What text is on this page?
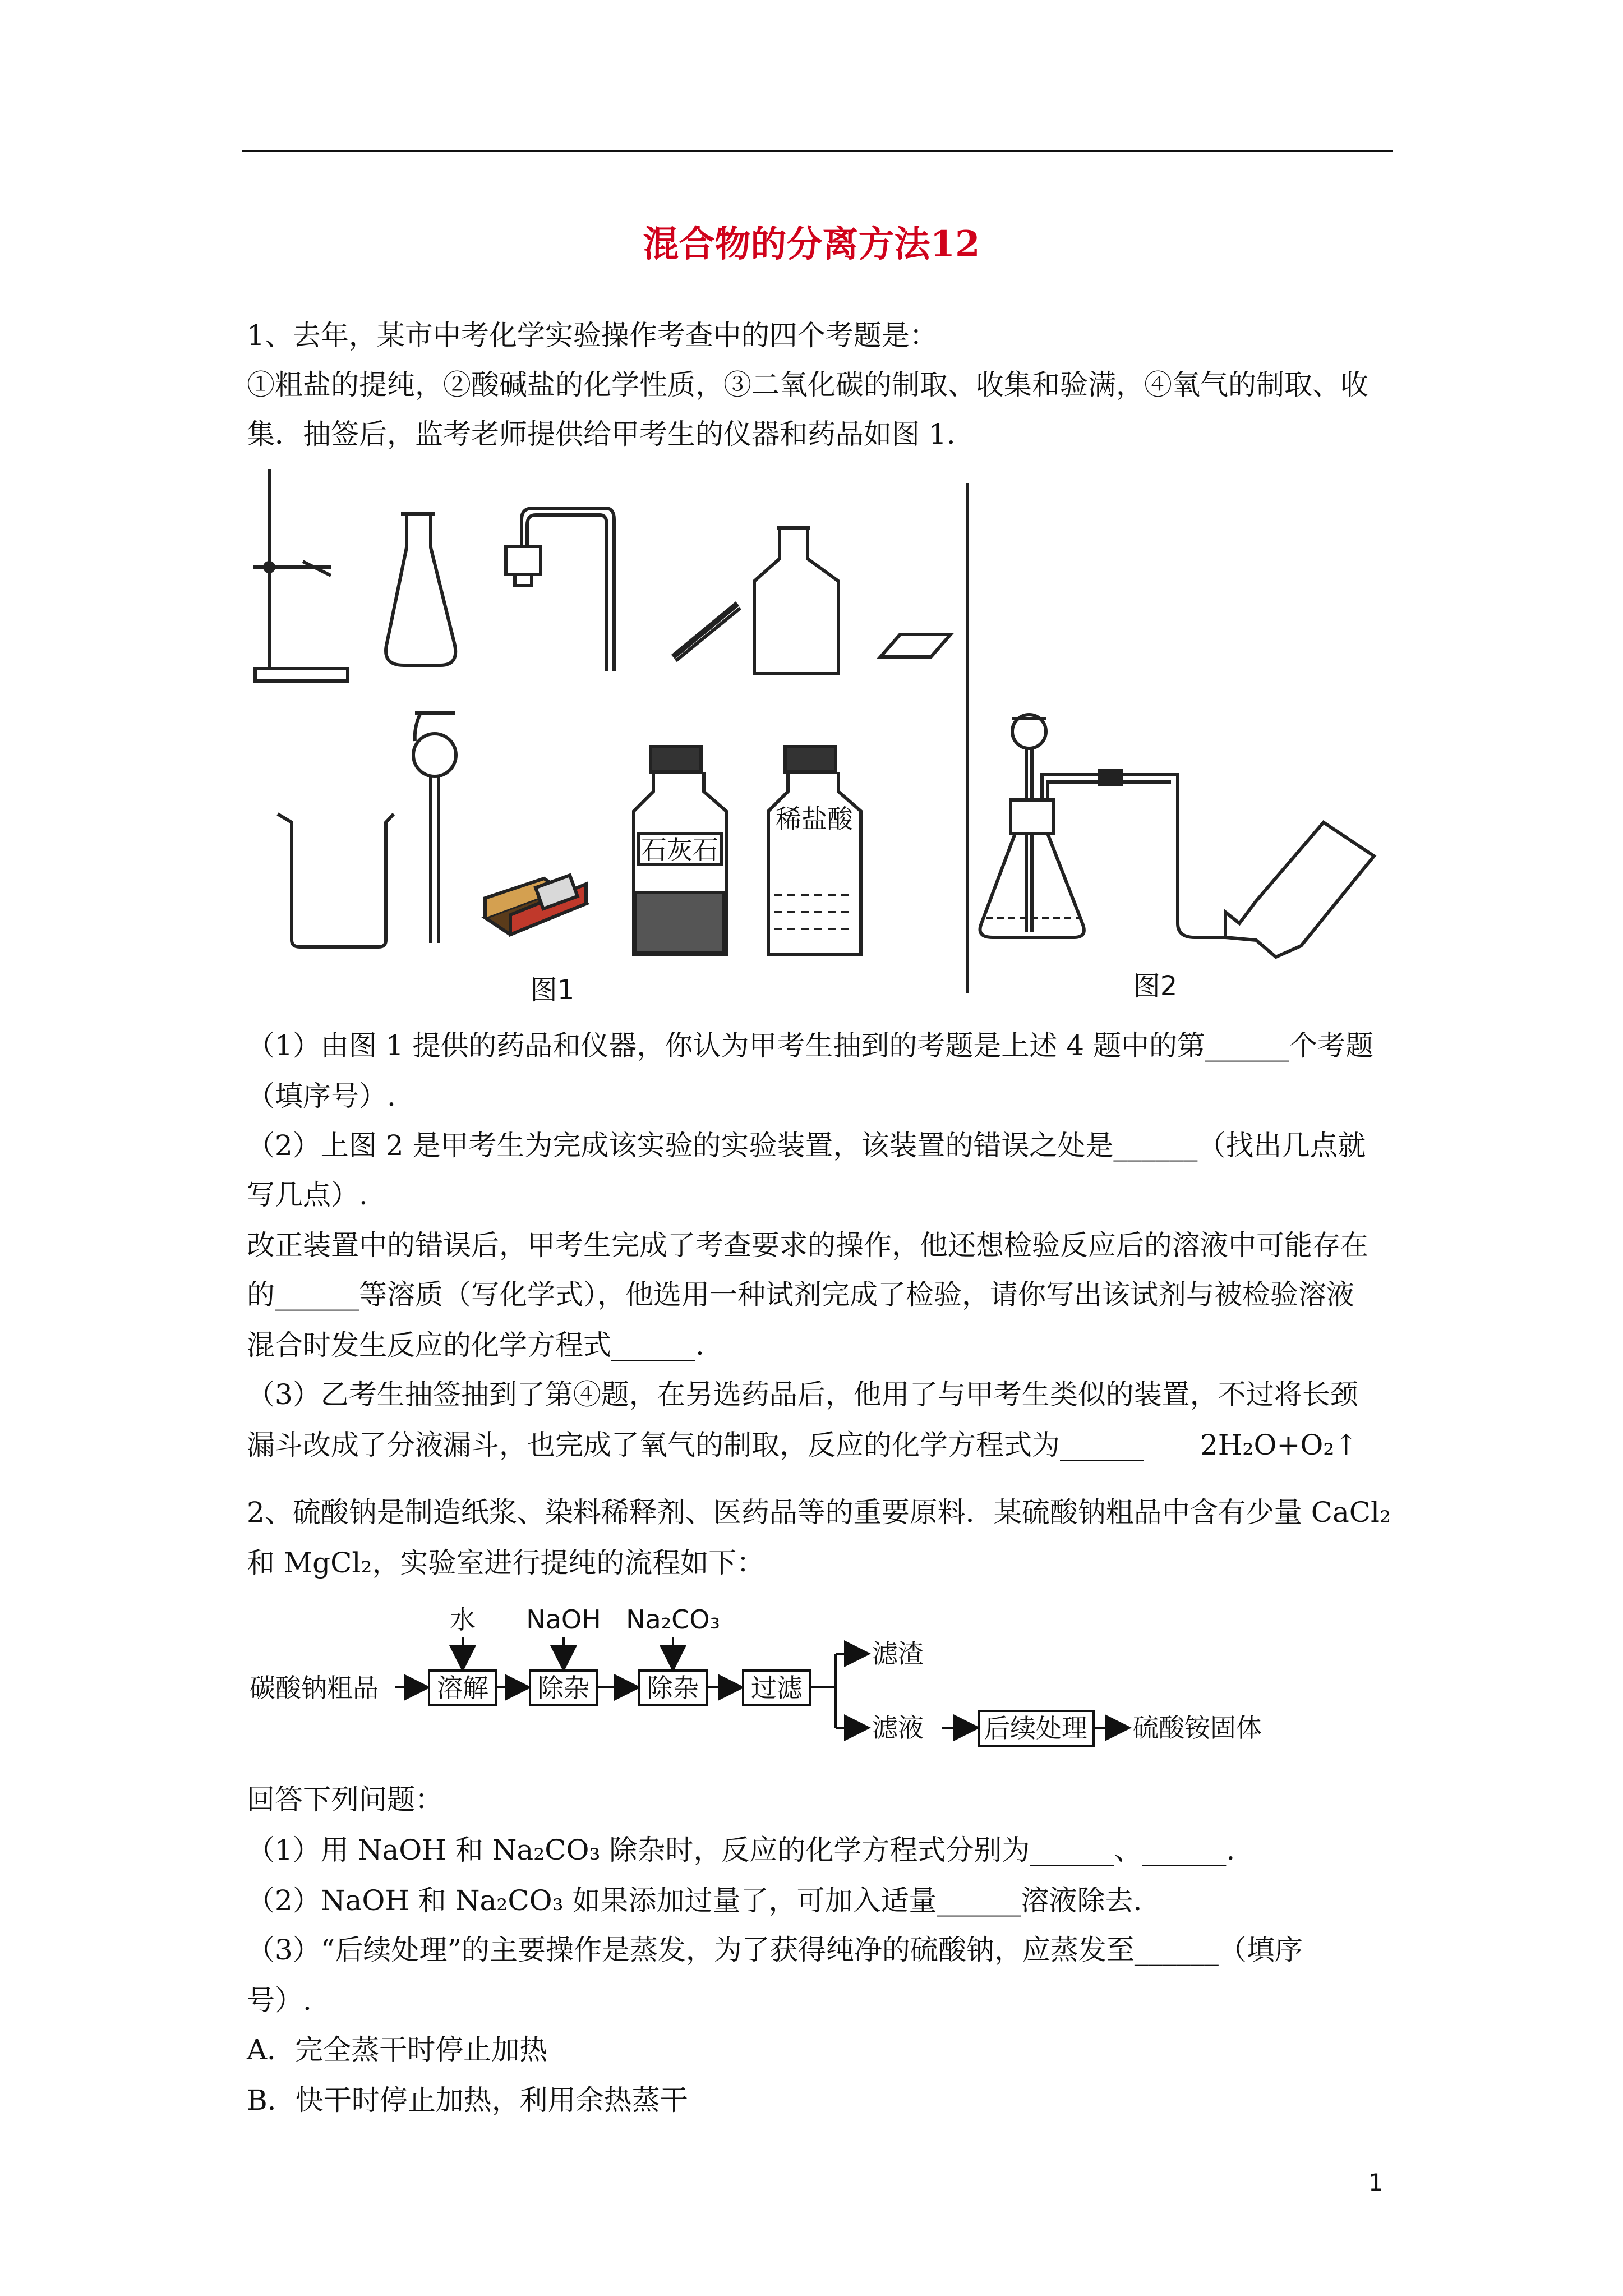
混合物的分离方法12
1、去年，某市中考化学实验操作考查中的四个考题是：
①粗盐的提纯，②酸碱盐的化学性质，③二氧化碳的制取、收集和验满，④氧气的制取、收
集．抽签后，监考老师提供给甲考生的仪器和药品如图 1.
石灰石
稀盐酸
图1	图2
（1）由图 1 提供的药品和仪器，你认为甲考生抽到的考题是上述 4 题中的第______个考题
（填序号）.
（2）上图 2 是甲考生为完成该实验的实验装置，该装置的错误之处是______（找出几点就
写几点）.
改正装置中的错误后，甲考生完成了考查要求的操作，他还想检验反应后的溶液中可能存在
的______等溶质（写化学式），他选用一种试剂完成了检验，请你写出该试剂与被检验溶液
混合时发生反应的化学方程式______.
（3）乙考生抽签抽到了第④题，在另选药品后，他用了与甲考生类似的装置，不过将长颈
漏斗改成了分液漏斗，也完成了氧气的制取，反应的化学方程式为______ 2H₂O+O₂↑
2、硫酸钠是制造纸浆、染料稀释剂、医药品等的重要原料．某硫酸钠粗品中含有少量 CaCl₂
和 MgCl₂，实验室进行提纯的流程如下：
碳酸钠粗品
水 NaOH Na₂CO₃
溶解 除杂 除杂 过滤
滤渣
滤液 后续处理 硫酸铵固体
回答下列问题：
（1）用 NaOH 和 Na₂CO₃ 除杂时，反应的化学方程式分别为______、______.
（2）NaOH 和 Na₂CO₃ 如果添加过量了，可加入适量______溶液除去.
（3）“后续处理”的主要操作是蒸发，为了获得纯净的硫酸钠，应蒸发至______（填序
号）.
A．完全蒸干时停止加热
B．快干时停止加热，利用余热蒸干
1
